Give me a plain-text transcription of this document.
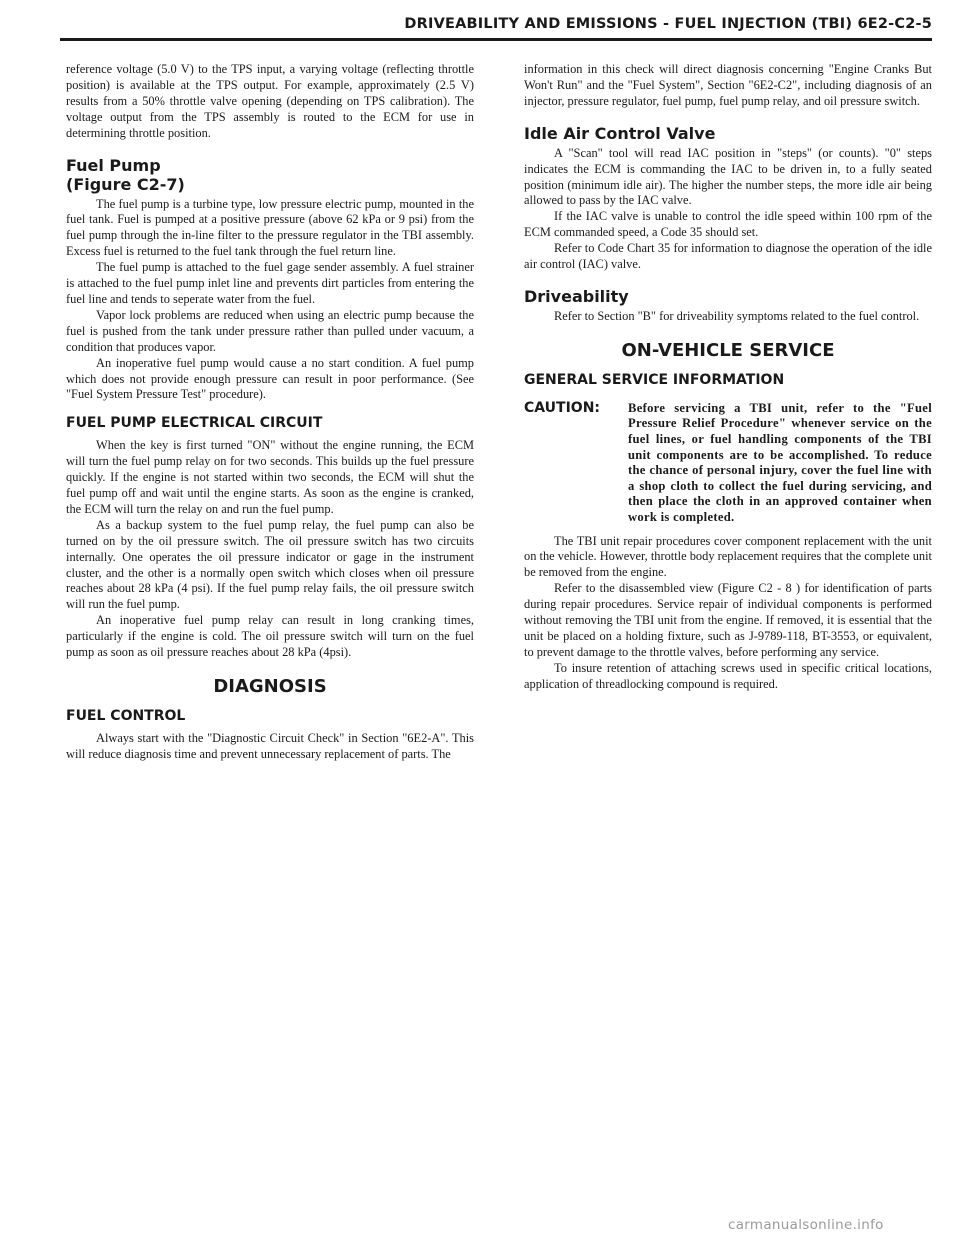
DRIVEABILITY AND EMISSIONS - FUEL INJECTION (TBI) 6E2-C2-5

reference voltage (5.0 V) to the TPS input, a varying voltage (reflecting throttle position) is available at the TPS output. For example, approximately (2.5 V) results from a 50% throttle valve opening (depending on TPS calibration). The voltage output from the TPS assembly is routed to the ECM for use in determining throttle position.

Fuel Pump
(Figure C2-7)

The fuel pump is a turbine type, low pressure electric pump, mounted in the fuel tank. Fuel is pumped at a positive pressure (above 62 kPa or 9 psi) from the fuel pump through the in-line filter to the pressure regulator in the TBI assembly. Excess fuel is returned to the fuel tank through the fuel return line.

The fuel pump is attached to the fuel gage sender assembly. A fuel strainer is attached to the fuel pump inlet line and prevents dirt particles from entering the fuel line and tends to seperate water from the fuel.

Vapor lock problems are reduced when using an electric pump because the fuel is pushed from the tank under pressure rather than pulled under vacuum, a condition that produces vapor.

An inoperative fuel pump would cause a no start condition. A fuel pump which does not provide enough pressure can result in poor performance. (See "Fuel System Pressure Test" procedure).

FUEL PUMP ELECTRICAL CIRCUIT

When the key is first turned "ON" without the engine running, the ECM will turn the fuel pump relay on for two seconds. This builds up the fuel pressure quickly. If the engine is not started within two seconds, the ECM will shut the fuel pump off and wait until the engine starts. As soon as the engine is cranked, the ECM will turn the relay on and run the fuel pump.

As a backup system to the fuel pump relay, the fuel pump can also be turned on by the oil pressure switch. The oil pressure switch has two circuits internally. One operates the oil pressure indicator or gage in the instrument cluster, and the other is a normally open switch which closes when oil pressure reaches about 28 kPa (4 psi). If the fuel pump relay fails, the oil pressure switch will run the fuel pump.

An inoperative fuel pump relay can result in long cranking times, particularly if the engine is cold. The oil pressure switch will turn on the fuel pump as soon as oil pressure reaches about 28 kPa (4psi).

DIAGNOSIS
FUEL CONTROL

Always start with the "Diagnostic Circuit Check" in Section "6E2-A". This will reduce diagnosis time and prevent unnecessary replacement of parts. The

information in this check will direct diagnosis concerning "Engine Cranks But Won't Run" and the "Fuel System", Section "6E2-C2", including diagnosis of an injector, pressure regulator, fuel pump, fuel pump relay, and oil pressure switch.

Idle Air Control Valve

A "Scan" tool will read IAC position in "steps" (or counts). "0" steps indicates the ECM is commanding the IAC to be driven in, to a fully seated position (minimum idle air). The higher the number steps, the more idle air being allowed to pass by the IAC valve.

If the IAC valve is unable to control the idle speed within 100 rpm of the ECM commanded speed, a Code 35 should set.

Refer to Code Chart 35 for information to diagnose the operation of the idle air control (IAC) valve.

Driveability

Refer to Section "B" for driveability symptoms related to the fuel control.

ON-VEHICLE SERVICE
GENERAL SERVICE INFORMATION
CAUTION:	Before servicing a TBI unit, refer to the "Fuel Pressure Relief Procedure" whenever service on the fuel lines, or fuel handling components of the TBI unit components are to be accomplished. To reduce the chance of personal injury, cover the fuel line with a shop cloth to collect the fuel during servicing, and then place the cloth in an approved container when work is completed.

The TBI unit repair procedures cover component replacement with the unit on the vehicle. However, throttle body replacement requires that the complete unit be removed from the engine.

Refer to the disassembled view (Figure C2 - 8 ) for identification of parts during repair procedures. Service repair of individual components is performed without removing the TBI unit from the engine. If removed, it is essential that the unit be placed on a holding fixture, such as J-9789-118, BT-3553, or equivalent, to prevent damage to the throttle valves, before performing any service.

To insure retention of attaching screws used in specific critical locations, application of threadlocking compound is required.

carmanualsonline.info
